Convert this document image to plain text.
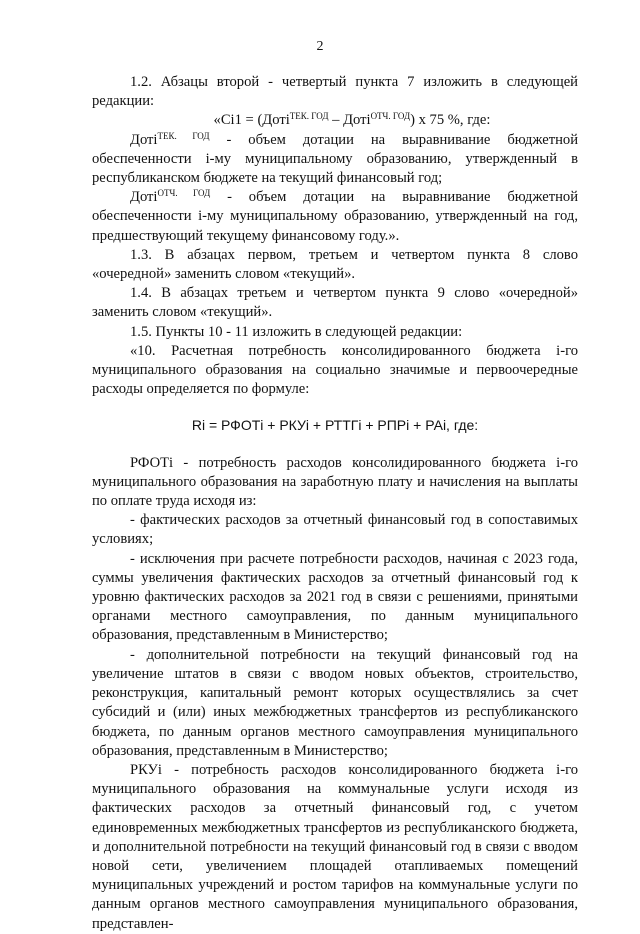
2

1.2. Абзацы второй - четвертый пункта 7 изложить в следующей редакции:

«Ci1 = (Доті$^{ТЕК. ГОД}$ – Доті$^{ОТЧ. ГОД}$) х 75 %, где:

Доті$^{ТЕК. ГОД}$ - объем дотации на выравнивание бюджетной обеспеченности i-му муниципальному образованию, утвержденный в республиканском бюджете на текущий финансовый год;

Доті$^{ОТЧ. ГОД}$ - объем дотации на выравнивание бюджетной обеспеченности i-му муниципальному образованию, утвержденный на год, предшествующий текущему финансовому году.».

1.3. В абзацах первом, третьем и четвертом пункта 8 слово «очередной» заменить словом «текущий».

1.4. В абзацах третьем и четвертом пункта 9 слово «очередной» заменить словом «текущий».

1.5. Пункты 10 - 11 изложить в следующей редакции:

«10. Расчетная потребность консолидированного бюджета i-го муниципального образования на социально значимые и первоочередные расходы определяется по формуле:

Ri = РФОТi + РКУi + РТТГi + РПРi + РАi, где:

РФОТi - потребность расходов консолидированного бюджета i-го муниципального образования на заработную плату и начисления на выплаты по оплате труда исходя из:

- фактических расходов за отчетный финансовый год в сопоставимых условиях;

- исключения при расчете потребности расходов, начиная с 2023 года, суммы увеличения фактических расходов за отчетный финансовый год к уровню фактических расходов за 2021 год в связи с решениями, принятыми органами местного самоуправления, по данным муниципального образования, представленным в Министерство;

- дополнительной потребности на текущий финансовый год на увеличение штатов в связи с вводом новых объектов, строительство, реконструкция, капитальный ремонт которых осуществлялись за счет субсидий и (или) иных межбюджетных трансфертов из республиканского бюджета, по данным органов местного самоуправления муниципального образования, представленным в Министерство;

РКУi - потребность расходов консолидированного бюджета i-го муниципального образования на коммунальные услуги исходя из фактических расходов за отчетный финансовый год, с учетом единовременных межбюджетных трансфертов из республиканского бюджета, и дополнительной потребности на текущий финансовый год в связи с вводом новой сети, увеличением площадей отапливаемых помещений муниципальных учреждений и ростом тарифов на коммунальные услуги по данным органов местного самоуправления муниципального образования, представлен-
